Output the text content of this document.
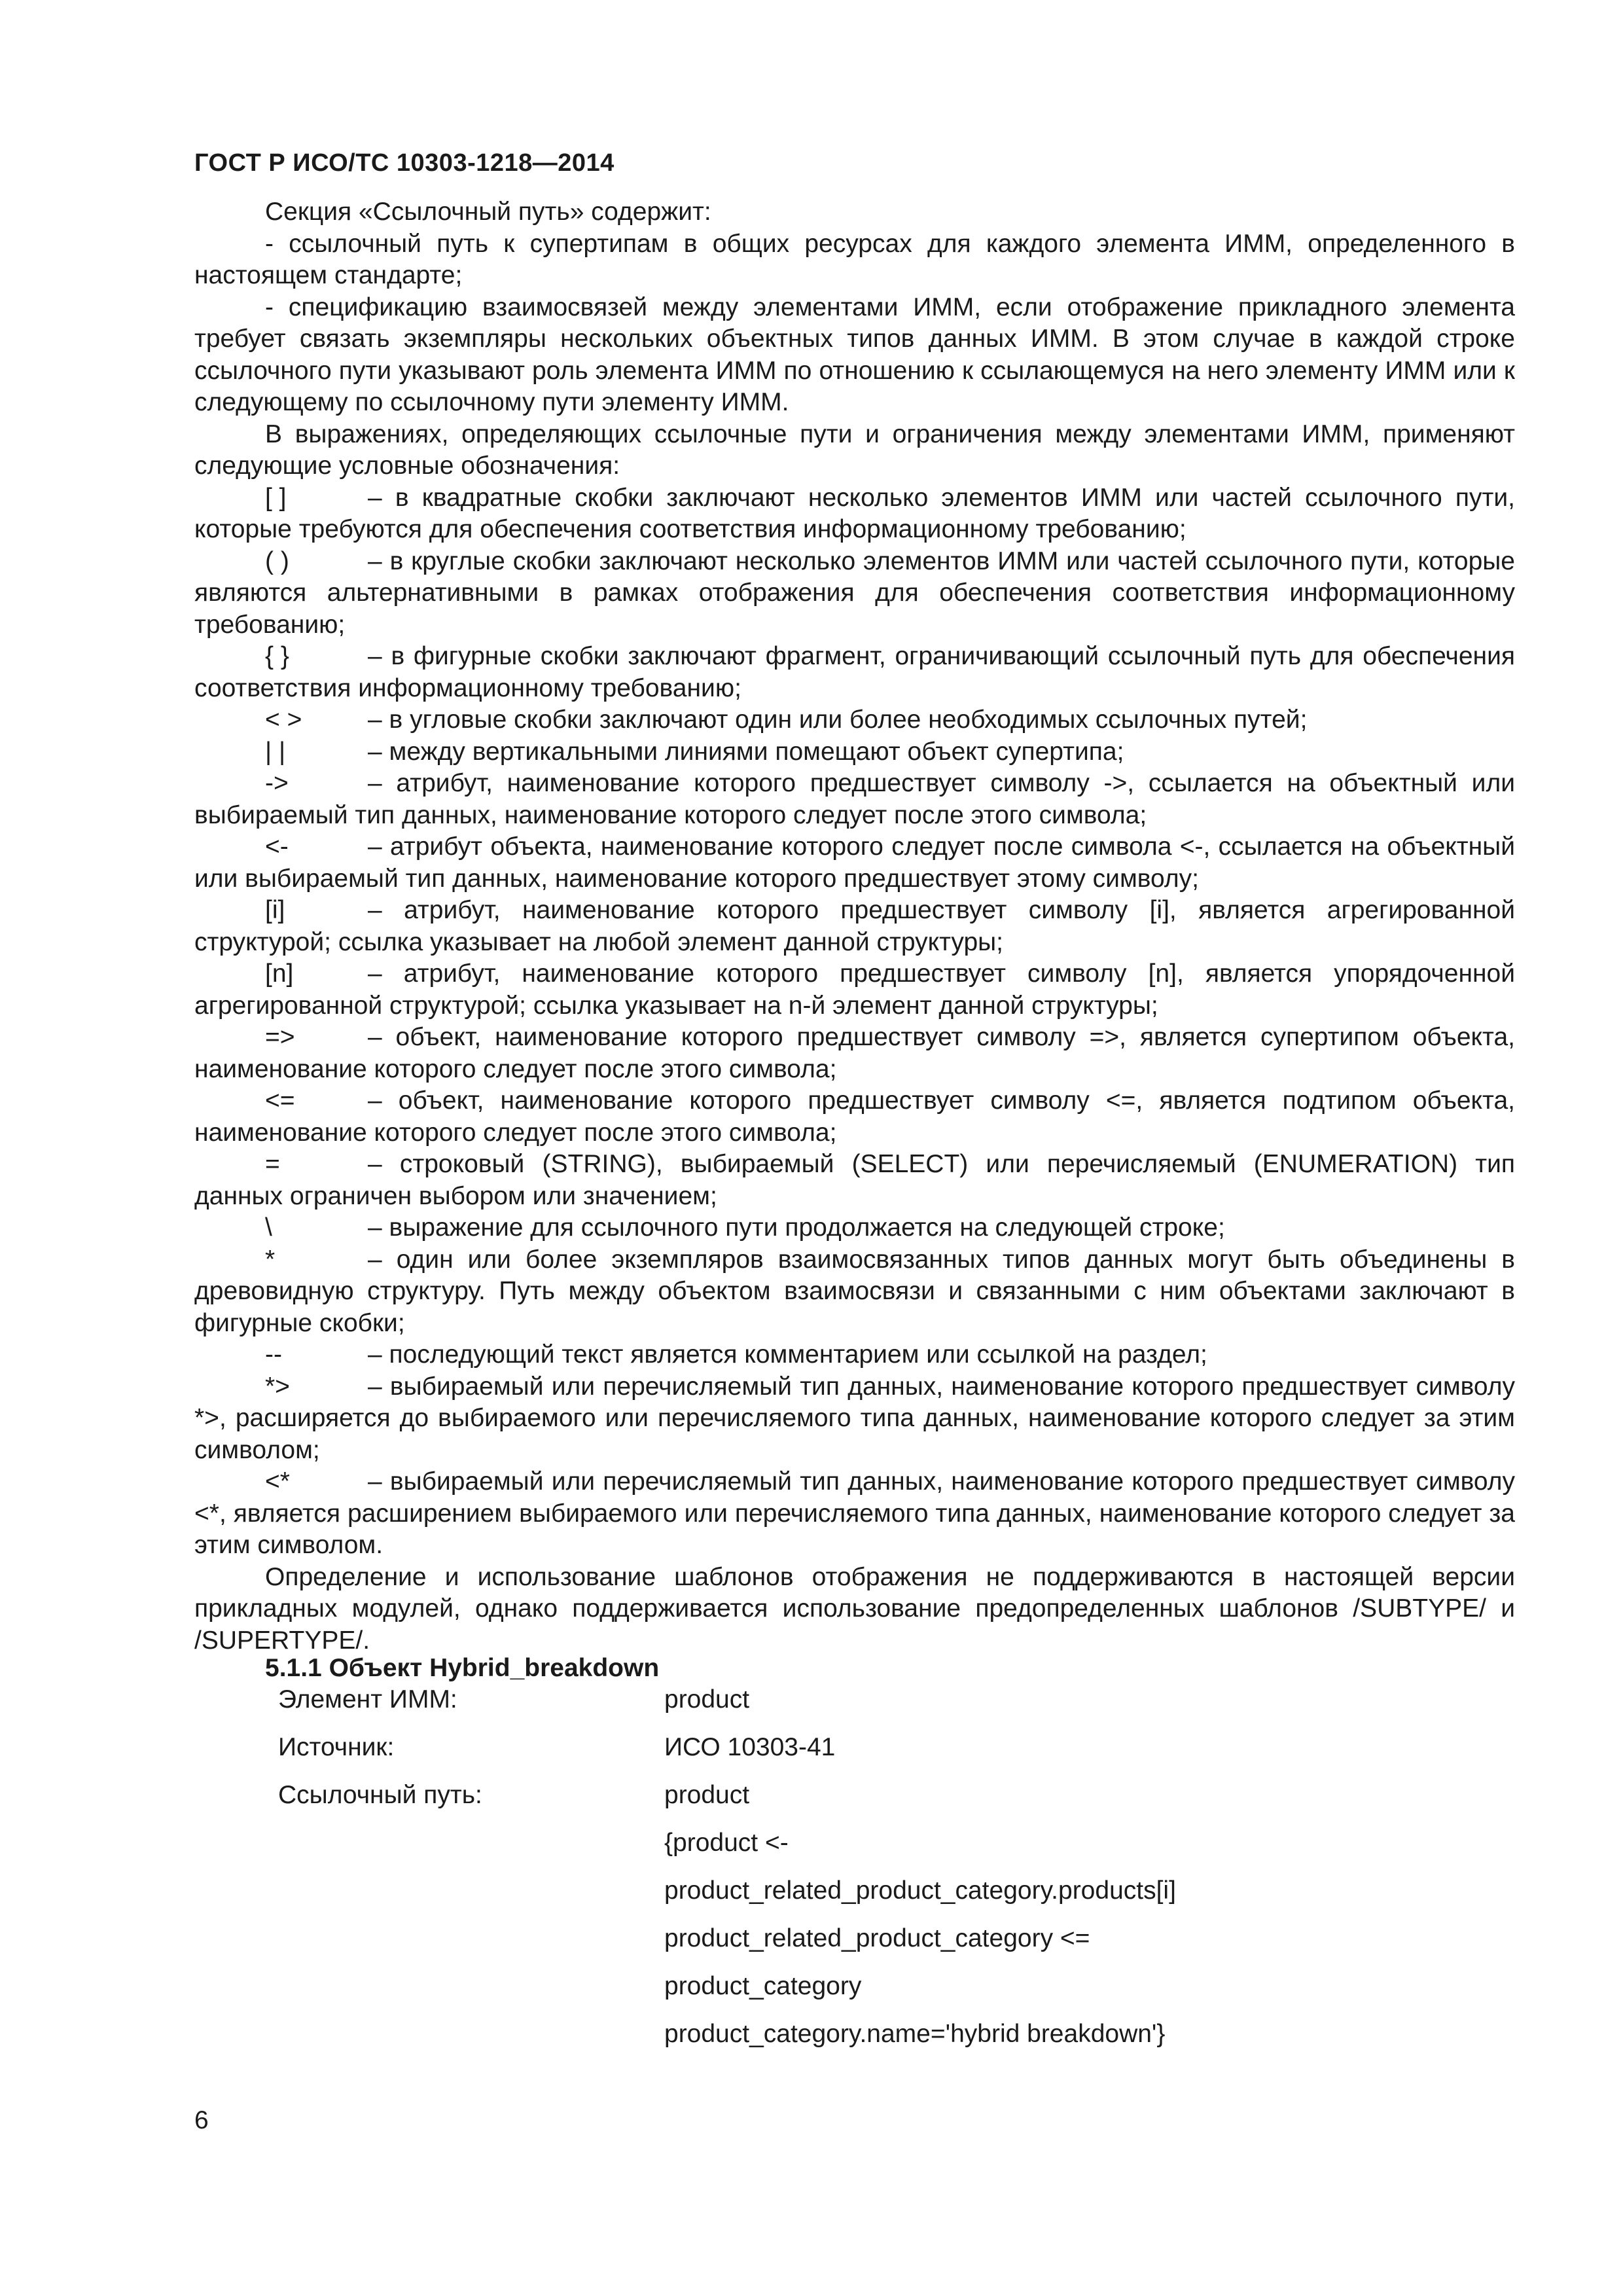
ГОСТ Р ИСО/ТС 10303-1218—2014

Секция «Ссылочный путь» содержит:

- ссылочный путь к супертипам в общих ресурсах для каждого элемента ИММ, определенного в настоящем стандарте;

- спецификацию взаимосвязей между элементами ИММ, если отображение прикладного элемента требует связать экземпляры нескольких объектных типов данных ИММ. В этом случае в каждой строке ссылочного пути указывают роль элемента ИММ по отношению к ссылающемуся на него элементу ИММ или к следующему по ссылочному пути элементу ИММ.

В выражениях, определяющих ссылочные пути и ограничения между элементами ИММ, применяют следующие условные обозначения:

[ ]	– в квадратные скобки заключают несколько элементов ИММ или частей ссылочного пути, которые требуются для обеспечения соответствия информационному требованию;

( )	– в круглые скобки заключают несколько элементов ИММ или частей ссылочного пути, которые являются альтернативными в рамках отображения для обеспечения соответствия информационному требованию;

{ }	– в фигурные скобки заключают фрагмент, ограничивающий ссылочный путь для обеспечения соответствия информационному требованию;

< >	– в угловые скобки заключают один или более необходимых ссылочных путей;

| |	– между вертикальными линиями помещают объект супертипа;

->	– атрибут, наименование которого предшествует символу ->, ссылается на объектный или выбираемый тип данных, наименование которого следует после этого символа;

<-	– атрибут объекта, наименование которого следует после символа <-, ссылается на объектный или выбираемый тип данных, наименование которого предшествует этому символу;

[i]	– атрибут, наименование которого предшествует символу [i], является агрегированной структурой; ссылка указывает на любой элемент данной структуры;

[n]	– атрибут, наименование которого предшествует символу [n], является упорядоченной агрегированной структурой; ссылка указывает на n-й элемент данной структуры;

=>	– объект, наименование которого предшествует символу =>, является супертипом объекта, наименование которого следует после этого символа;

<=	– объект, наименование которого предшествует символу <=, является подтипом объекта, наименование которого следует после этого символа;

=	– строковый (STRING), выбираемый (SELECT) или перечисляемый (ENUMERATION) тип данных ограничен выбором или значением;

\	– выражение для ссылочного пути продолжается на следующей строке;

*	– один или более экземпляров взаимосвязанных типов данных могут быть объединены в древовидную структуру. Путь между объектом взаимосвязи и связанными с ним объектами заключают в фигурные скобки;

--	– последующий текст является комментарием или ссылкой на раздел;

*>	– выбираемый или перечисляемый тип данных, наименование которого предшествует символу *>, расширяется до выбираемого или перечисляемого типа данных, наименование которого следует за этим символом;

<*	– выбираемый или перечисляемый тип данных, наименование которого предшествует символу <*, является расширением выбираемого или перечисляемого типа данных, наименование которого следует за этим символом.

Определение и использование шаблонов отображения не поддерживаются в настоящей версии прикладных модулей, однако поддерживается использование предопределенных шаблонов /SUBTYPE/ и /SUPERTYPE/.

5.1.1 Объект Hybrid_breakdown
Элемент ИММ:	product
Источник:	ИСО 10303-41
Ссылочный путь:	product
{product <-
product_related_product_category.products[i]
product_related_product_category <=
product_category
product_category.name='hybrid breakdown'}
6
